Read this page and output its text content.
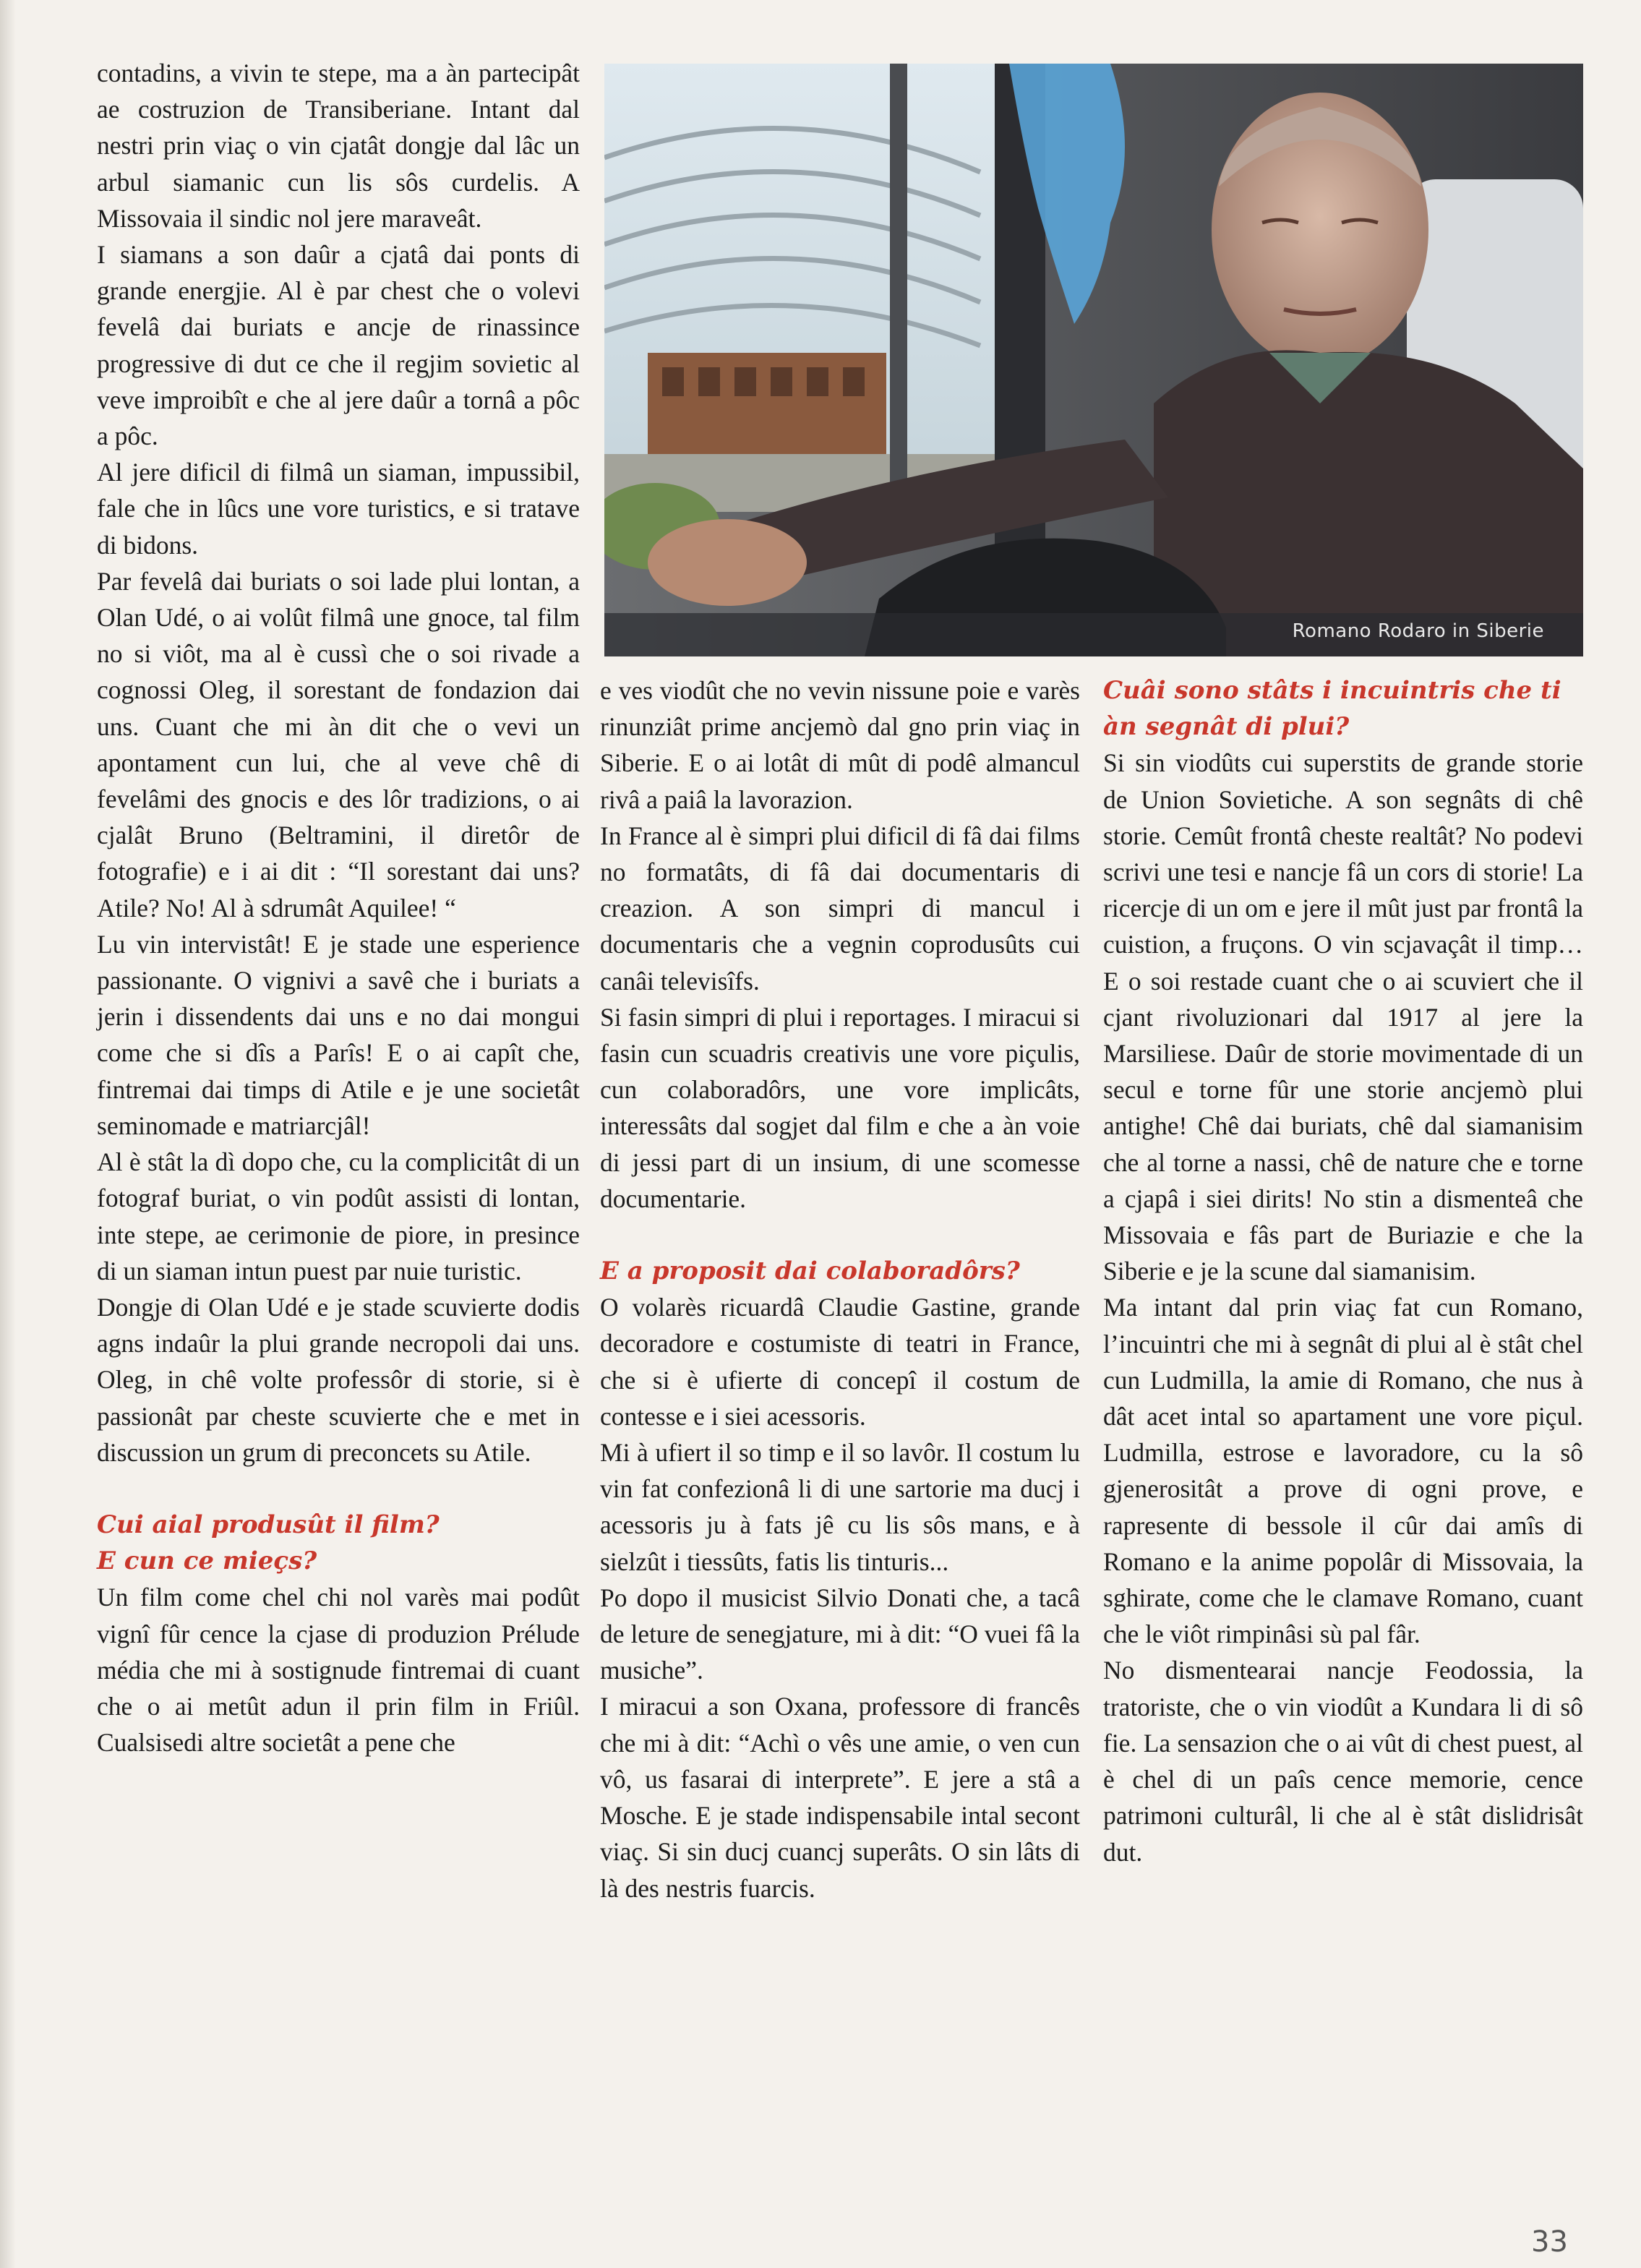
contadins, a vivin te stepe, ma a àn partecipât ae costruzion de Transiberiane. Intant dal nestri prin viaç o vin cjatât dongje dal lâc un arbul siamanic cun lis sôs curdelis. A Missovaia il sindic nol jere maraveât.

I siamans a son daûr a cjatâ dai ponts di grande energjie. Al è par chest che o volevi fevelâ dai buriats e ancje de rinassince progressive di dut ce che il regjim sovietic al veve improibît e che al jere daûr a tornâ a pôc a pôc.

Al jere dificil di filmâ un siaman, impussibil, fale che in lûcs une vore turistics, e si tratave di bidons.

Par fevelâ dai buriats o soi lade plui lontan, a Olan Udé, o ai volût filmâ une gnoce, tal film no si viôt, ma al è cussì che o soi rivade a cognossi Oleg, il sorestant de fondazion dai uns. Cuant che mi àn dit che o vevi un apontament cun lui, che al veve chê di fevelâmi des gnocis e des lôr tradizions, o ai cjalât Bruno (Beltramini, il diretôr de fotografie) e i ai dit : “Il sorestant dai uns? Atile? No! Al à sdrumât Aquilee! “

Lu vin intervistât! E je stade une esperience passionante. O vignivi a savê che i buriats a jerin i dissendents dai uns e no dai mongui come che si dîs a Parîs! E o ai capît che, fintremai dai timps di Atile e je une societât seminomade e matriarcjâl!

Al è stât la dì dopo che, cu la complicitât di un fotograf buriat, o vin podût assisti di lontan, inte stepe, ae cerimonie de piore, in presince di un siaman intun puest par nuie turistic.

Dongje di Olan Udé e je stade scuvierte dodis agns indaûr la plui grande necropoli dai uns. Oleg, in chê volte professôr di storie, si è passionât par cheste scuvierte che e met in discussion un grum di preconcets su Atile.

Cui aial produsût il film?
E cun ce mieçs?

Un film come chel chi nol varès mai podût vignî fûr cence la cjase di produzion Prélude média che mi à sostignude fintremai di cuant che o ai metût adun il prin film in Friûl. Cualsisedi altre societât a pene che

Romano Rodaro in Siberie

e ves viodût che no vevin nissune poie e varès rinunziât prime ancjemò dal gno prin viaç in Siberie. E o ai lotât di mût di podê almancul rivâ a paiâ la lavorazion.

In France al è simpri plui dificil di fâ dai films no formatâts, di fâ dai documentaris di creazion. A son simpri di mancul i documentaris che a vegnin coprodusûts cui canâi televisîfs.

Si fasin simpri di plui i reportages. I miracui si fasin cun scuadris creativis une vore piçulis, cun colaboradôrs, une vore implicâts, interessâts dal sogjet dal film e che a àn voie di jessi part di un insium, di une scomesse documentarie.

E a proposit dai colaboradôrs?

O volarès ricuardâ Claudie Gastine, grande decoradore e costumiste di teatri in France, che si è ufierte di concepî il costum de contesse e i siei acessoris.

Mi à ufiert il so timp e il so lavôr. Il costum lu vin fat confezionâ li di une sartorie ma ducj i acessoris ju à fats jê cu lis sôs mans, e à sielzût i tiessûts, fatis lis tinturis...

Po dopo il musicist Silvio Donati che, a tacâ de leture de senegjature, mi à dit: “O vuei fâ la musiche”.

I miracui a son Oxana, professore di francês che mi à dit: “Achì o vês une amie, o ven cun vô, us fasarai di interprete”. E jere a stâ a Mosche. E je stade indispensabile intal secont viaç. Si sin ducj cuancj superâts. O sin lâts di là des nestris fuarcis.

Cuâi sono stâts i incuintris che ti àn segnât di plui?

Si sin viodûts cui superstits de grande storie de Union Sovietiche. A son segnâts di chê storie. Cemût frontâ cheste realtât? No podevi scrivi une tesi e nancje fâ un cors di storie! La ricercje di un om e jere il mût just par frontâ la cuistion, a fruçons. O vin scjavaçât il timp… E o soi restade cuant che o ai scuviert che il cjant rivoluzionari dal 1917 al jere la Marsiliese. Daûr de storie movimentade di un secul e torne fûr une storie ancjemò plui antighe! Chê dai buriats, chê dal siamanisim che al torne a nassi, chê de nature che e torne a cjapâ i siei dirits! No stin a dismenteâ che Missovaia e fâs part de Buriazie e che la Siberie e je la scune dal siamanisim.

Ma intant dal prin viaç fat cun Romano, l’incuintri che mi à segnât di plui al è stât chel cun Ludmilla, la amie di Romano, che nus à dât acet intal so apartament une vore piçul. Ludmilla, estrose e lavoradore, cu la sô gjenerositât a prove di ogni prove, e rapresente di bessole il cûr dai amîs di Romano e la anime popolâr di Missovaia, la sghirate, come che le clamave Romano, cuant che le viôt rimpinâsi sù pal fâr.

No dismentearai nancje Feodossia, la tratoriste, che o vin viodût a Kundara li di sô fie. La sensazion che o ai vût di chest puest, al è chel di un paîs cence memorie, cence patrimoni culturâl, li che al è stât dislidrisât dut.

33
